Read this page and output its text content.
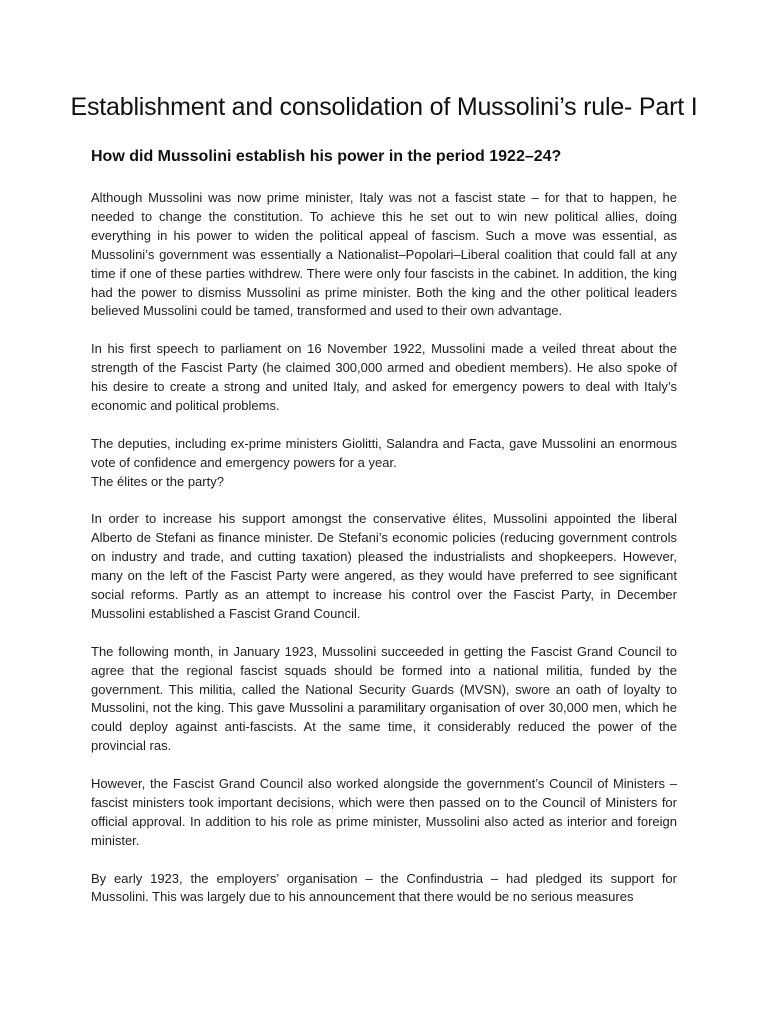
Establishment and consolidation of Mussolini’s rule- Part I
How did Mussolini establish his power in the period 1922–24?

Although Mussolini was now prime minister, Italy was not a fascist state – for that to happen, he needed to change the constitution. To achieve this he set out to win new political allies, doing everything in his power to widen the political appeal of fascism. Such a move was essential, as Mussolini’s government was essentially a Nationalist–Popolari–Liberal coalition that could fall at any time if one of these parties withdrew. There were only four fascists in the cabinet. In addition, the king had the power to dismiss Mussolini as prime minister. Both the king and the other political leaders believed Mussolini could be tamed, transformed and used to their own advantage.

In his first speech to parliament on 16 November 1922, Mussolini made a veiled threat about the strength of the Fascist Party (he claimed 300,000 armed and obedient members). He also spoke of his desire to create a strong and united Italy, and asked for emergency powers to deal with Italy’s economic and political problems.

The deputies, including ex-prime ministers Giolitti, Salandra and Facta, gave Mussolini an enormous vote of confidence and emergency powers for a year.

The élites or the party?

In order to increase his support amongst the conservative élites, Mussolini appointed the liberal Alberto de Stefani as finance minister. De Stefani’s economic policies (reducing government controls on industry and trade, and cutting taxation) pleased the industrialists and shopkeepers. However, many on the left of the Fascist Party were angered, as they would have preferred to see significant social reforms. Partly as an attempt to increase his control over the Fascist Party, in December Mussolini established a Fascist Grand Council.

The following month, in January 1923, Mussolini succeeded in getting the Fascist Grand Council to agree that the regional fascist squads should be formed into a national militia, funded by the government. This militia, called the National Security Guards (MVSN), swore an oath of loyalty to Mussolini, not the king. This gave Mussolini a paramilitary organisation of over 30,000 men, which he could deploy against anti-fascists. At the same time, it considerably reduced the power of the provincial ras.

However, the Fascist Grand Council also worked alongside the government’s Council of Ministers – fascist ministers took important decisions, which were then passed on to the Council of Ministers for official approval. In addition to his role as prime minister, Mussolini also acted as interior and foreign minister.

By early 1923, the employers’ organisation – the Confindustria – had pledged its support for Mussolini. This was largely due to his announcement that there would be no serious measures
